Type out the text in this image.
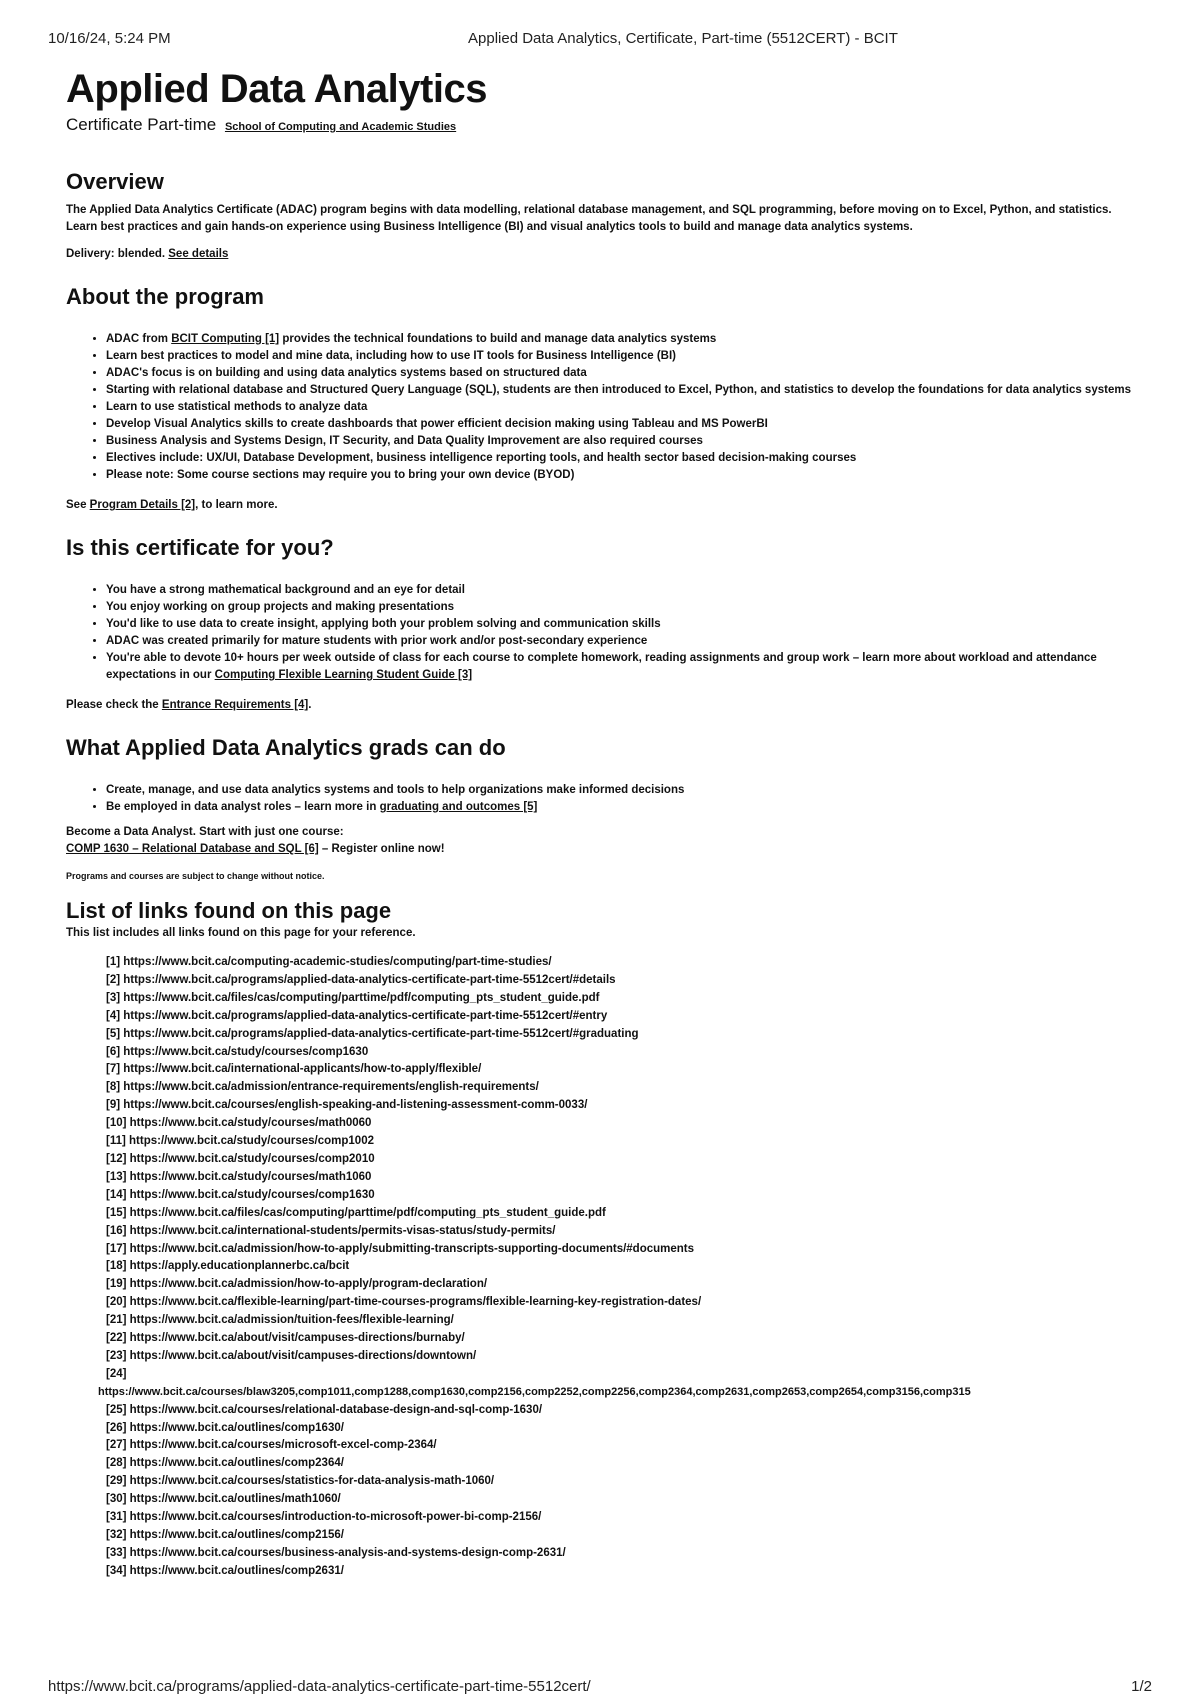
10/16/24, 5:24 PM	Applied Data Analytics, Certificate, Part-time (5512CERT) - BCIT
Applied Data Analytics
Certificate Part-time School of Computing and Academic Studies
Overview

The Applied Data Analytics Certificate (ADAC) program begins with data modelling, relational database management, and SQL programming, before moving on to Excel, Python, and statistics. Learn best practices and gain hands-on experience using Business Intelligence (BI) and visual analytics tools to build and manage data analytics systems.

Delivery: blended. See details

About the program
• ADAC from BCIT Computing [1] provides the technical foundations to build and manage data analytics systems
• Learn best practices to model and mine data, including how to use IT tools for Business Intelligence (BI)
• ADAC's focus is on building and using data analytics systems based on structured data
• Starting with relational database and Structured Query Language (SQL), students are then introduced to Excel, Python, and statistics to develop the foundations for data analytics systems
• Learn to use statistical methods to analyze data
• Develop Visual Analytics skills to create dashboards that power efficient decision making using Tableau and MS PowerBI
• Business Analysis and Systems Design, IT Security, and Data Quality Improvement are also required courses
• Electives include: UX/UI, Database Development, business intelligence reporting tools, and health sector based decision-making courses
• Please note: Some course sections may require you to bring your own device (BYOD)

See Program Details [2], to learn more.

Is this certificate for you?
• You have a strong mathematical background and an eye for detail
• You enjoy working on group projects and making presentations
• You'd like to use data to create insight, applying both your problem solving and communication skills
• ADAC was created primarily for mature students with prior work and/or post-secondary experience
• You're able to devote 10+ hours per week outside of class for each course to complete homework, reading assignments and group work – learn more about workload and attendance expectations in our Computing Flexible Learning Student Guide [3]

Please check the Entrance Requirements [4].

What Applied Data Analytics grads can do
• Create, manage, and use data analytics systems and tools to help organizations make informed decisions
• Be employed in data analyst roles – learn more in graduating and outcomes [5]

Become a Data Analyst. Start with just one course:

COMP 1630 – Relational Database and SQL [6] – Register online now!

Programs and courses are subject to change without notice.

List of links found on this page

This list includes all links found on this page for your reference.

[1] https://www.bcit.ca/computing-academic-studies/computing/part-time-studies/
[2] https://www.bcit.ca/programs/applied-data-analytics-certificate-part-time-5512cert/#details
[3] https://www.bcit.ca/files/cas/computing/parttime/pdf/computing_pts_student_guide.pdf
[4] https://www.bcit.ca/programs/applied-data-analytics-certificate-part-time-5512cert/#entry
[5] https://www.bcit.ca/programs/applied-data-analytics-certificate-part-time-5512cert/#graduating
[6] https://www.bcit.ca/study/courses/comp1630
[7] https://www.bcit.ca/international-applicants/how-to-apply/flexible/
[8] https://www.bcit.ca/admission/entrance-requirements/english-requirements/
[9] https://www.bcit.ca/courses/english-speaking-and-listening-assessment-comm-0033/
[10] https://www.bcit.ca/study/courses/math0060
[11] https://www.bcit.ca/study/courses/comp1002
[12] https://www.bcit.ca/study/courses/comp2010
[13] https://www.bcit.ca/study/courses/math1060
[14] https://www.bcit.ca/study/courses/comp1630
[15] https://www.bcit.ca/files/cas/computing/parttime/pdf/computing_pts_student_guide.pdf
[16] https://www.bcit.ca/international-students/permits-visas-status/study-permits/
[17] https://www.bcit.ca/admission/how-to-apply/submitting-transcripts-supporting-documents/#documents
[18] https://apply.educationplannerbc.ca/bcit
[19] https://www.bcit.ca/admission/how-to-apply/program-declaration/
[20] https://www.bcit.ca/flexible-learning/part-time-courses-programs/flexible-learning-key-registration-dates/
[21] https://www.bcit.ca/admission/tuition-fees/flexible-learning/
[22] https://www.bcit.ca/about/visit/campuses-directions/burnaby/
[23] https://www.bcit.ca/about/visit/campuses-directions/downtown/
[24]
https://www.bcit.ca/courses/blaw3205,comp1011,comp1288,comp1630,comp2156,comp2252,comp2256,comp2364,comp2631,comp2653,comp2654,comp3156,comp315
[25] https://www.bcit.ca/courses/relational-database-design-and-sql-comp-1630/
[26] https://www.bcit.ca/outlines/comp1630/
[27] https://www.bcit.ca/courses/microsoft-excel-comp-2364/
[28] https://www.bcit.ca/outlines/comp2364/
[29] https://www.bcit.ca/courses/statistics-for-data-analysis-math-1060/
[30] https://www.bcit.ca/outlines/math1060/
[31] https://www.bcit.ca/courses/introduction-to-microsoft-power-bi-comp-2156/
[32] https://www.bcit.ca/outlines/comp2156/
[33] https://www.bcit.ca/courses/business-analysis-and-systems-design-comp-2631/
[34] https://www.bcit.ca/outlines/comp2631/
https://www.bcit.ca/programs/applied-data-analytics-certificate-part-time-5512cert/	1/2
